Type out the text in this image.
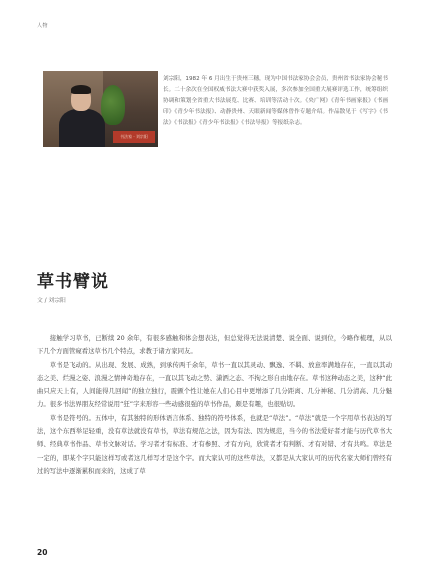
人物
书法家 · 刘宗阳
刘宗阳，1982 年 6 月出生于贵州三穗，现为中国书法家协会会员，贵州省书法家协会秘书长。二十余次在全国权威书法大赛中获奖入展，多次参加全国重大展赛评选工作，统筹组织协调和策划全省重大书法展览、比赛、培训等活动十次。《央广网》《青年书画家报》《书画印》《青少年书法报》、动静贵州、天眼新闻等媒体曾作专题介绍。作品散见于《写字》《书法》《书法报》《青少年书法报》《书法导报》等报纸杂志。
草书臂说
文 / 刘宗阳

接触学习草书，已断续 20 余年，有很多感触和体会想表达，但总觉得无法说清楚、说全面、说到位，今略作梳理，从以下几个方面管窥看这草书几个特点，求教于诸方家同友。

草书是飞动的。从出现、发展、成熟，到承传两千余年，草书一直以其灵动、飘逸、不羁、放意率满地存在，一直以其动态之美、烂漫之姿、浪漫之情神奇地存在，一直以其飞动之势、潇洒之态、不拘之形自由地存在。草书这种动态之美，这种“此曲只应天上有，人间能得几回闻”的独立独行，震颤个性让她在人们心目中更增添了几分距离、几分神秘、几分清高、几分魅力。很多书法界朋友经常说用“狂”字来形容一些动感很强的草书作品，颇是有趣，也很贴切。

草书是符号的。五体中，有其独特的形体语言体系、独特的符号体系，也就是“草法”。“草法”就是一个字用草书表达的写法，这个东西举足轻重，没有草法就没有草书，草法有规范之法，因为有法、因为规范，当今的书法爱好者才能与历代草书大师、经典草书作品、草书文脉对话。学习者才有标准、才有参照、才有方向，欣赏者才有判断、才有对错、才有共鸣。草法是一定的，即某个字只能这样写或者这几样写才是这个字。而大家认可的这些草法，又都是从大家认可的历代名家大师们曾经有过的写法中逐渐累积而来的，这成了草

20
